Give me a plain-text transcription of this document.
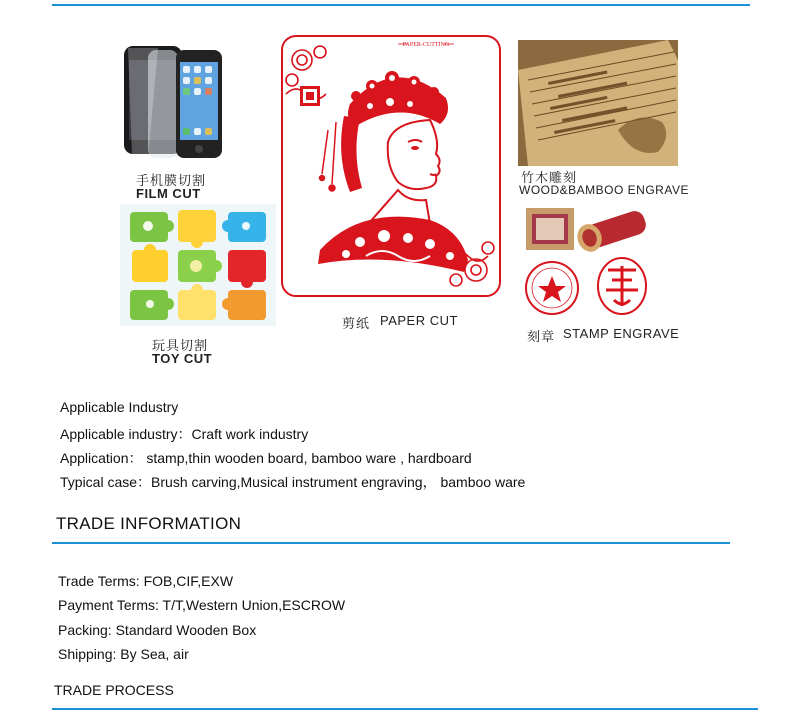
手机膜切割
FILM CUT
玩具切割
TOY CUT
PAPER-CUTTING
剪纸 PAPER CUT
竹木雕刻
WOOD&BAMBOO ENGRAVE
刻章 STAMP ENGRAVE
Applicable Industry
Applicable industry：Craft work industry
Application： stamp,thin wooden board, bamboo ware , hardboard
Typical case：Brush carving,Musical instrument engraving， bamboo ware
TRADE INFORMATION
Trade Terms: FOB,CIF,EXW
Payment Terms: T/T,Western Union,ESCROW
Packing: Standard Wooden Box
Shipping: By Sea, air
TRADE PROCESS
